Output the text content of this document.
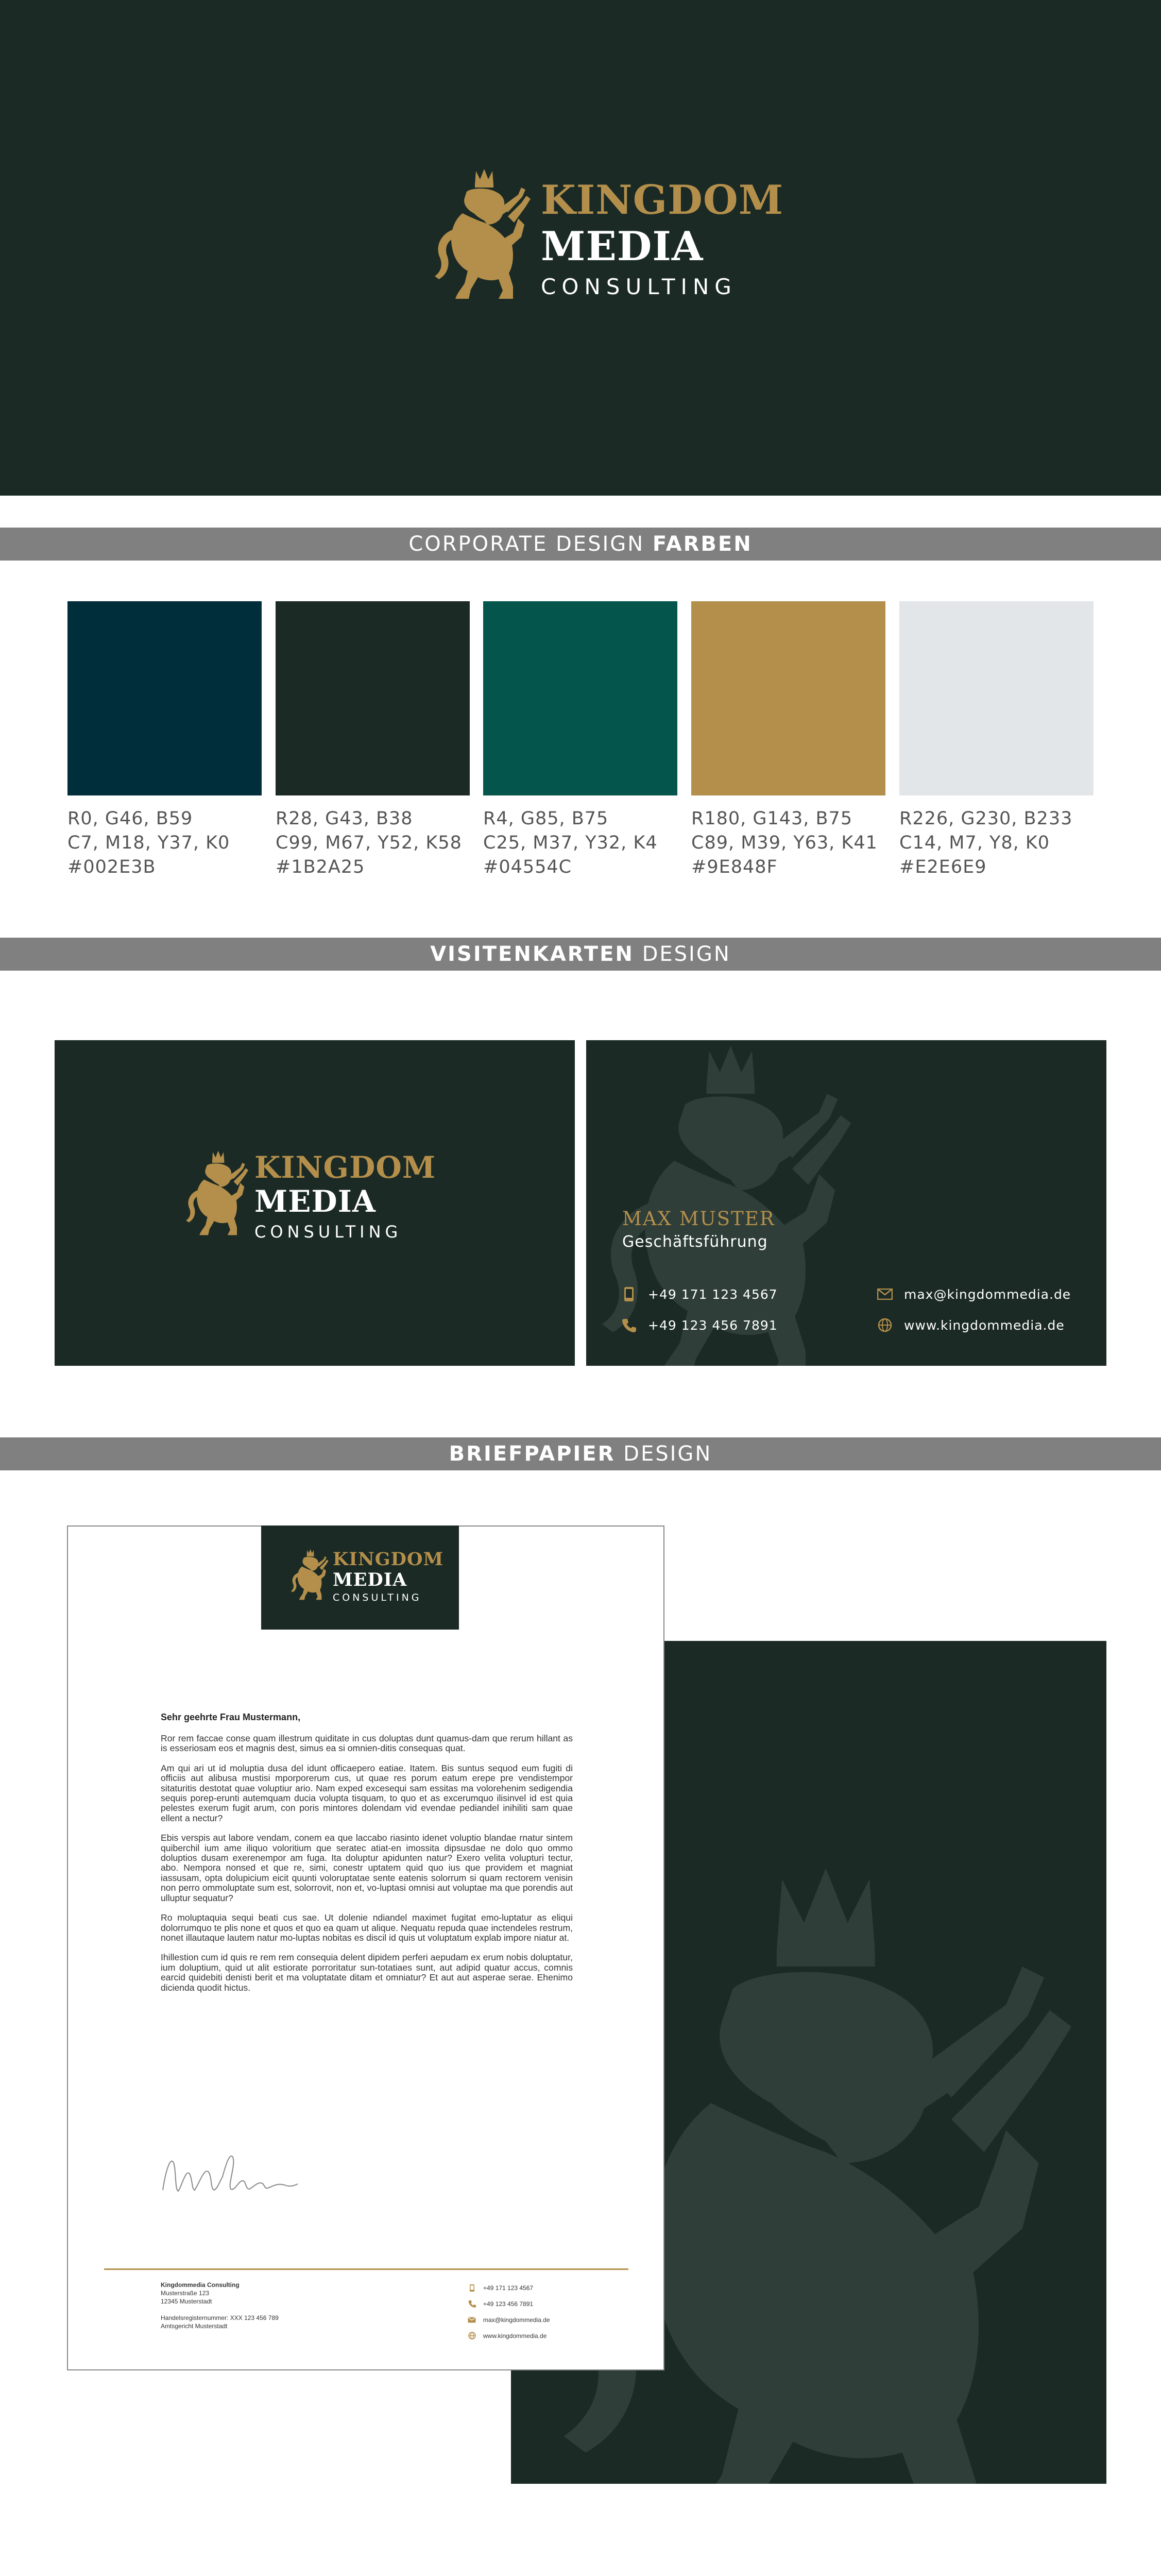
KINGDOM
MEDIA
CONSULTING
CORPORATE DESIGN FARBEN
R0, G46, B59
C7, M18, Y37, K0
#002E3B
R28, G43, B38
C99, M67, Y52, K58
#1B2A25
R4, G85, B75
C25, M37, Y32, K4
#04554C
R180, G143, B75
C89, M39, Y63, K41
#9E848F
R226, G230, B233
C14, M7, Y8, K0
#E2E6E9
VISITENKARTEN DESIGN
KINGDOM
MEDIA
CONSULTING
MAX MUSTER
Geschäftsführung
+49 171 123 4567
+49 123 456 7891
max@kingdommedia.de
www.kingdommedia.de
BRIEFPAPIER DESIGN
KINGDOM
MEDIA
CONSULTING
Sehr geehrte Frau Mustermann,

Ror rem faccae conse quam illestrum quiditate in cus doluptas dunt quamus-dam que rerum hillant as is esseriosam eos et magnis dest, simus ea si omnien-ditis consequas quat.

Am qui ari ut id moluptia dusa del idunt officaepero eatiae. Itatem. Bis suntus sequod eum fugiti di officiis aut alibusa mustisi mporporerum cus, ut quae res porum eatum erepe pre vendistempor sitaturitis destotat quae voluptiur ario. Nam exped excesequi sam essitas ma volorehenim sedigendia sequis porep-erunti autemquam ducia volupta tisquam, to quo et as excerumquo ilisinvel id est quia pelestes exerum fugit arum, con poris mintores dolendam vid evendae pediandel inihiliti sam quae ellent a nectur?

Ebis verspis aut labore vendam, conem ea que laccabo riasinto idenet voluptio blandae rnatur sintem quiberchil ium ame iliquo voloritium que seratec atiat-en imossita dipsusdae ne dolo quo ommo doluptios dusam exerenempor am fuga. Ita doluptur apidunten natur? Exero velita volupturi tectur, abo. Nempora nonsed et que re, simi, conestr uptatem quid quo ius que providem et magniat iassusam, opta dolupicium eicit quunti voloruptatae sente eatenis solorrum si quam rectorem venisin non perro ommoluptate sum est, solorrovit, non et, vo-luptasi omnisi aut voluptae ma que porendis aut ulluptur sequatur?

Ro moluptaquia sequi beati cus sae. Ut dolenie ndiandel maximet fugitat emo-luptatur as eliqui dolorrumquo te plis none et quos et quo ea quam ut alique. Nequatu repuda quae inctendeles restrum, nonet illautaque lautem natur mo-luptas nobitas es discil id quis ut voluptatum explab impore niatur at.

Ihillestion cum id quis re rem rem consequia delent dipidem perferi aepudam ex erum nobis doluptatur, ium doluptium, quid ut alit estiorate porroritatur sun-totatiaes sunt, aut adipid quatur accus, comnis earcid quidebiti denisti berit et ma voluptatate ditam et omniatur? Et aut aut asperae serae. Ehenimo dicienda quodit hictus.

Kingdommedia Consulting
Musterstraße 123
12345 Musterstadt
Handelsregisternummer: XXX 123 456 789
Amtsgericht Musterstadt
+49 171 123 4567
+49 123 456 7891
max@kingdommedia.de
www.kingdommedia.de
